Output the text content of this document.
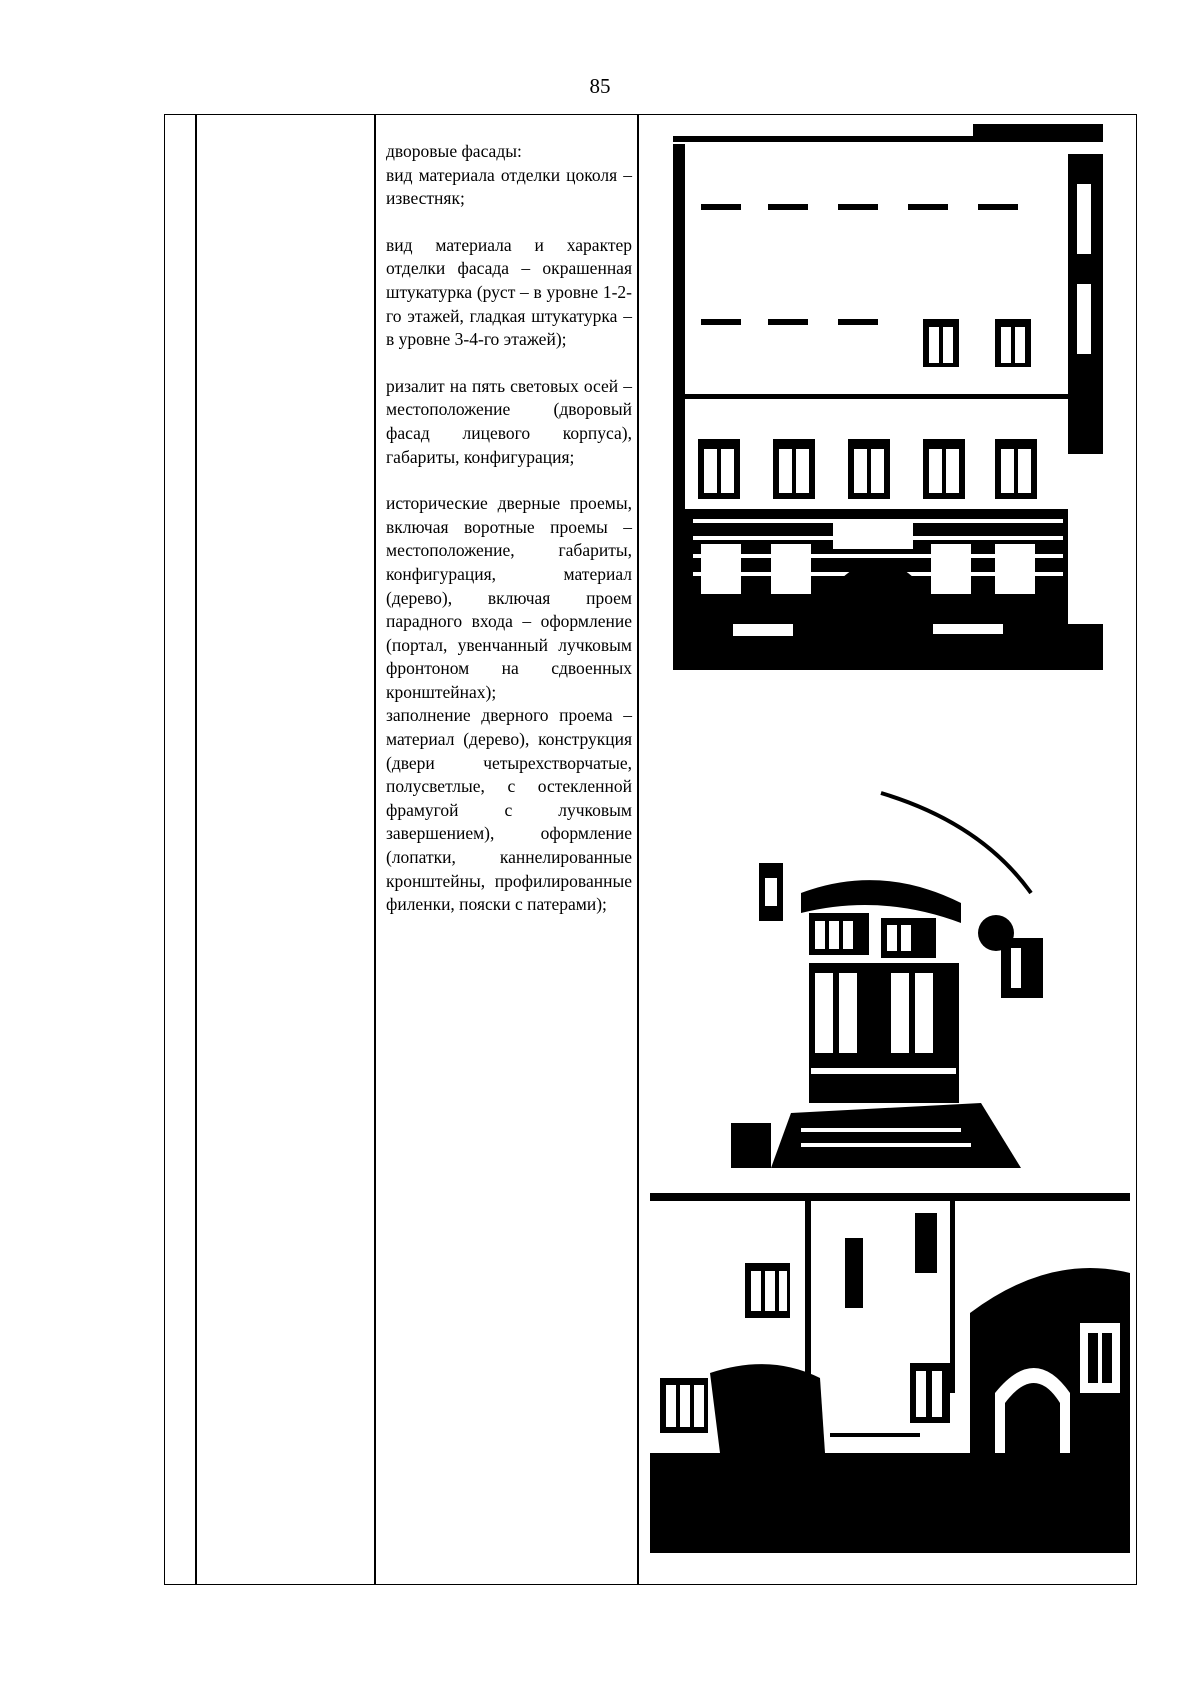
85

дворовые фасады:
вид материала отделки цоколя – известняк;

вид материала и характер отделки фасада – окрашенная штукатурка (руст – в уровне 1-2-го этажей, гладкая штукатурка – в уровне 3-4-го этажей);

ризалит на пять световых осей – местоположение (дворовый фасад лицевого корпуса), габариты, конфигурация;

исторические дверные проемы, включая воротные проемы – местоположение, габариты, конфигурация, материал (дерево), включая проем парадного входа – оформление (портал, увенчанный лучковым фронтоном на сдвоенных кронштейнах);

заполнение дверного проема – материал (дерево), конструкция (двери четырехстворчатые, полусветлые, с остекленной фрамугой с лучковым завершением), оформление (лопатки, каннелированные кронштейны, профилированные филенки, пояски с патерами);
